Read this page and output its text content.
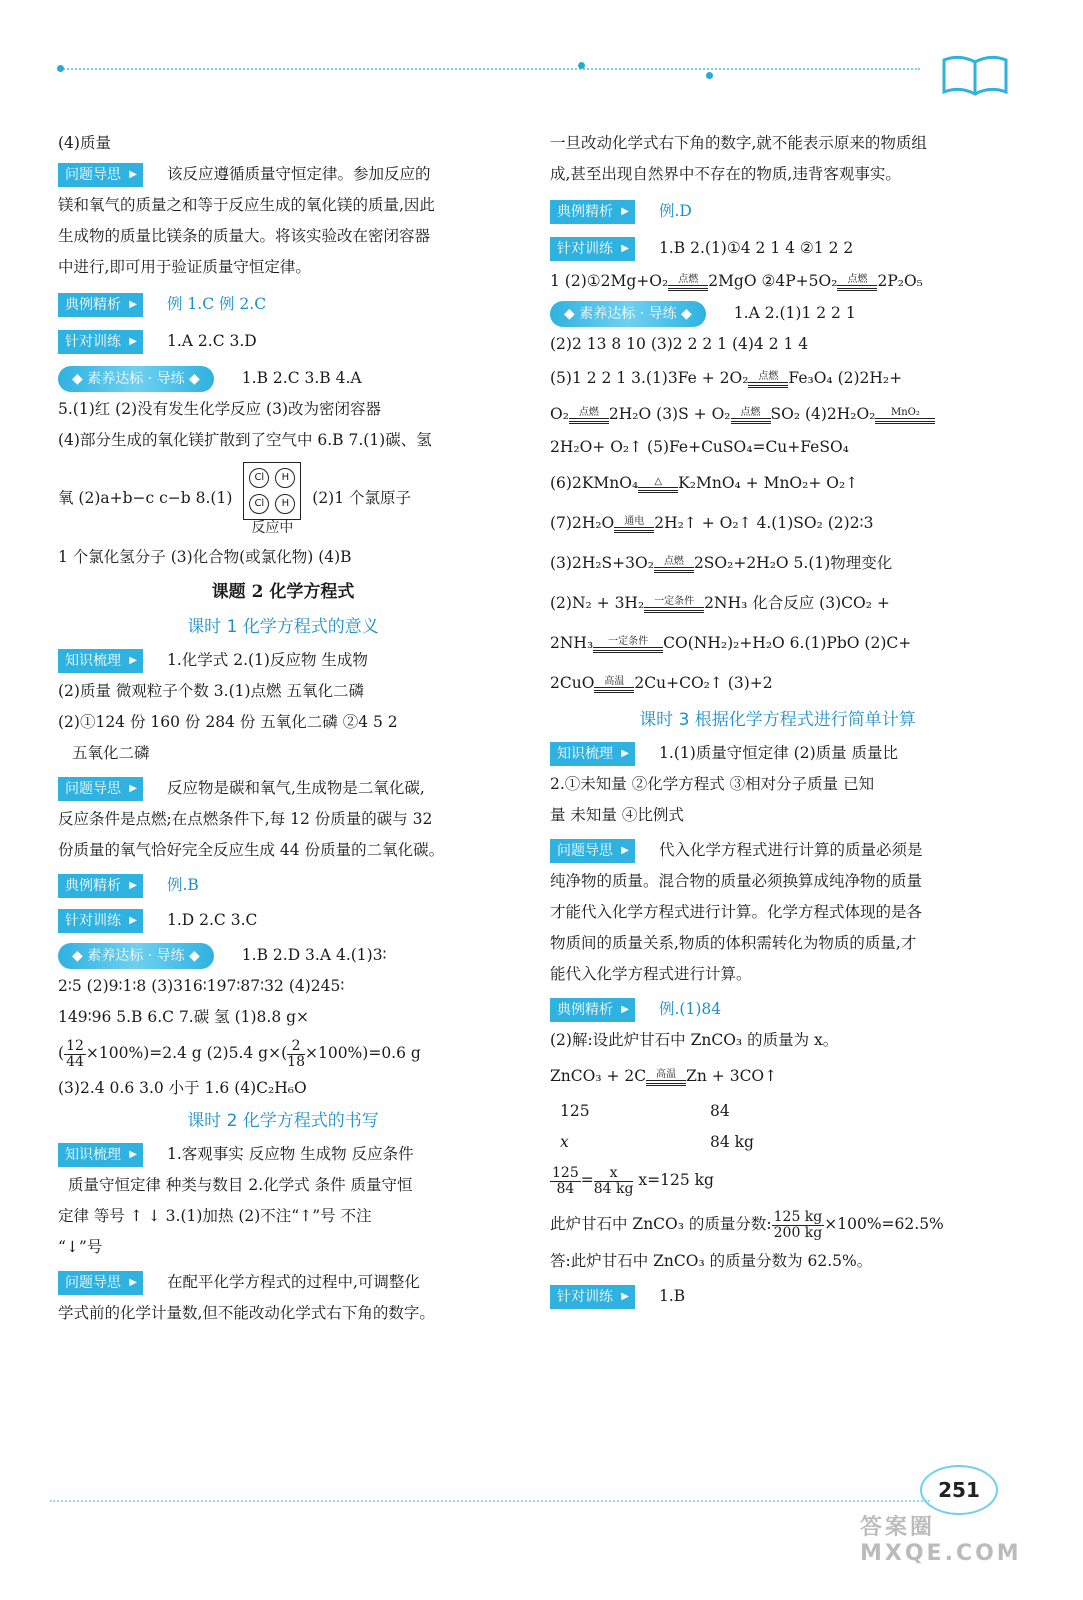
(4)质量
问题导思 ▶	该反应遵循质量守恒定律。参加反应的
镁和氧气的质量之和等于反应生成的氧化镁的质量,因此
生成物的质量比镁条的质量大。将该实验改在密闭容器
中进行,即可用于验证质量守恒定律。
典例精析 ▶	例 1.C 例 2.C
针对训练 ▶	1.A 2.C 3.D
◆ 素养达标 · 导练 ◆	1.B 2.C 3.B 4.A
5.(1)红 (2)没有发生化学反应 (3)改为密闭容器
(4)部分生成的氧化镁扩散到了空气中 6.B 7.(1)碳、氢
氧 (2)a+b−c c−b 8.(1)
Cl	H
Cl	H
反应中 (2)1 个氯原子
1 个氯化氢分子 (3)化合物(或氯化物) (4)B
课题 2 化学方程式
课时 1 化学方程式的意义
知识梳理 ▶	1.化学式 2.(1)反应物 生成物
(2)质量 微观粒子个数 3.(1)点燃 五氧化二磷
(2)①124 份 160 份 284 份 五氧化二磷 ②4 5 2
五氧化二磷
问题导思 ▶	反应物是碳和氧气,生成物是二氧化碳,
反应条件是点燃;在点燃条件下,每 12 份质量的碳与 32
份质量的氧气恰好完全反应生成 44 份质量的二氧化碳。
典例精析 ▶	例.B
针对训练 ▶	1.D 2.C 3.C
◆ 素养达标 · 导练 ◆	1.B 2.D 3.A 4.(1)3∶
2∶5 (2)9∶1∶8 (3)316∶197∶87∶32 (4)245∶
149∶96 5.B 6.C 7.碳 氢 (1)8.8 g×
( $\frac{12}{44} \times 100\%)=2.4$ g (2)5.4 $g\times( \frac{2}{18} \times 100\%)=0.6$ g
(3)2.4 0.6 3.0 小于 1.6 (4)C₂H₆O
课时 2 化学方程式的书写
知识梳理 ▶	1.客观事实 反应物 生成物 反应条件
质量守恒定律 种类与数目 2.化学式 条件 质量守恒
定律 等号 ↑ ↓ 3.(1)加热 (2)不注“↑”号 不注
“↓”号
问题导思 ▶	在配平化学方程式的过程中,可调整化
学式前的化学计量数,但不能改动化学式右下角的数字。
一旦改动化学式右下角的数字,就不能表示原来的物质组
成,甚至出现自然界中不存在的物质,违背客观事实。
典例精析 ▶	例.D
针对训练 ▶	1.B 2.(1)①4 2 1 4 ②1 2 2
1 (2)①2Mg+O₂	点燃 2MgO ②4P+5O₂	点燃 2P₂O₅
◆ 素养达标 · 导练 ◆	1.A 2.(1)1 2 2 1
(2)2 13 8 10 (3)2 2 2 1 (4)4 2 1 4
(5)1 2 2 1 3.(1)3Fe + 2O₂	点燃 Fe₃O₄ (2)2H₂+
O₂	点燃 2H₂O (3)S + O₂	点燃 SO₂ (4)2H₂O₂	MnO₂
2H₂O+ O₂↑ (5)Fe+CuSO₄=Cu+FeSO₄
(6)2KMnO₄	△	K₂MnO₄ + MnO₂+ O₂↑
(7)2H₂O	通电 2H₂↑ + O₂↑ 4.(1)SO₂ (2)2∶3
(3)2H₂S+3O₂	点燃 2SO₂+2H₂O 5.(1)物理变化
(2)N₂ + 3H₂	一定条件 2NH₃ 化合反应 (3)CO₂ +
2NH₃	一定条件 CO(NH₂)₂+H₂O 6.(1)PbO (2)C+
2CuO	高温 2Cu+CO₂↑ (3)+2
课时 3 根据化学方程式进行简单计算
知识梳理 ▶	1.(1)质量守恒定律 (2)质量 质量比
2.①未知量 ②化学方程式 ③相对分子质量 已知
量 未知量 ④比例式
问题导思 ▶	代入化学方程式进行计算的质量必须是
纯净物的质量。混合物的质量必须换算成纯净物的质量
才能代入化学方程式进行计算。化学方程式体现的是各
物质间的质量关系,物质的体积需转化为物质的质量,才
能代入化学方程式进行计算。
典例精析 ▶	例.(1)84
(2)解:设此炉甘石中 ZnCO₃ 的质量为 x。
ZnCO₃ + 2C	高温 Zn + 3CO↑
125	84
x	84 kg
$\frac{125}{84} = \frac{x}{84 kg} x=125$ kg
此炉甘石中 ZnCO₃ 的质量分数: $\frac{125 kg}{200 kg} \times 100\%=62.5\%$
答:此炉甘石中 ZnCO₃ 的质量分数为 62.5%。
针对训练 ▶	1.B
251
答案圈 MXQE.COM
